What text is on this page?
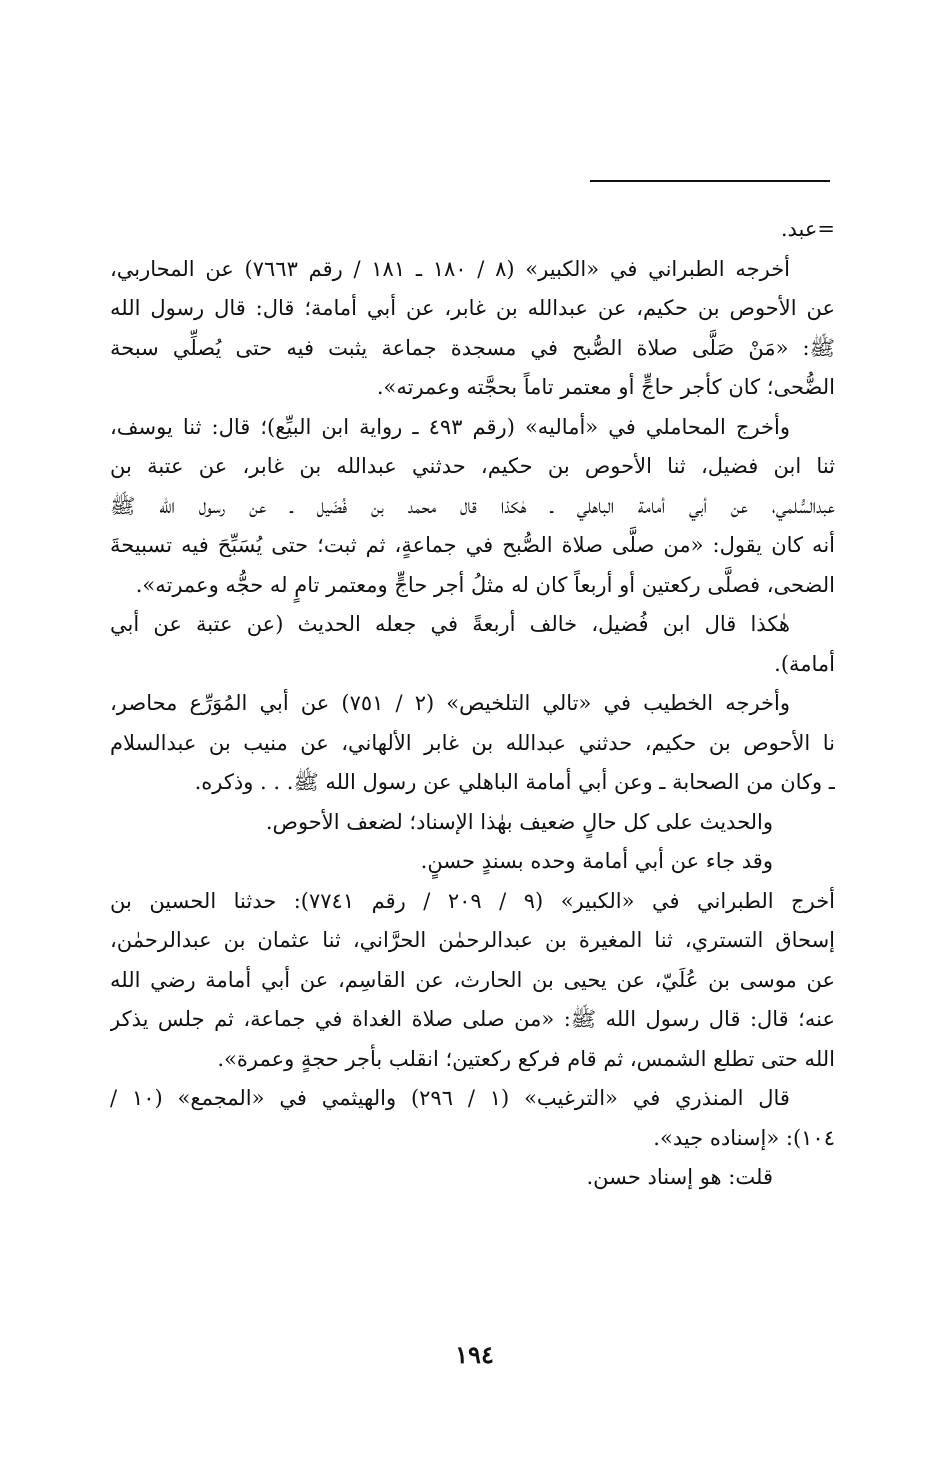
=عبد.
أخرجه الطبراني في «الكبير» (٨ / ١٨٠ ـ ١٨١ / رقم ٧٦٦٣) عن المحاربي،
عن الأحوص بن حكيم، عن عبدالله بن غابر، عن أبي أمامة؛ قال: قال رسول الله
ﷺ: «مَنْ صَلَّى صلاة الصُّبح في مسجدة جماعة يثبت فيه حتى يُصلِّي سبحة
الضُّحى؛ كان كأجر حاجٍّ أو معتمر تاماً بحجَّته وعمرته».
وأخرج المحاملي في «أماليه» (رقم ٤٩٣ ـ رواية ابن البيِّع)؛ قال: ثنا يوسف،
ثنا ابن فضيل، ثنا الأحوص بن حكيم، حدثني عبدالله بن غابر، عن عتبة بن
عبدالسُّلمي، عن أبي أمامة الباهلي ـ هٰكذا قال محمد بن فُضَيل ـ عن رسول الله ﷺ
أنه كان يقول: «من صلَّى صلاة الصُّبح في جماعةٍ، ثم ثبت؛ حتى يُسَبِّحَ فيه تسبيحةَ
الضحى، فصلَّى ركعتين أو أربعاً كان له مثلُ أجر حاجٍّ ومعتمر تامٍ له حجُّه وعمرته».
هٰكذا قال ابن فُضيل، خالف أربعةً في جعله الحديث (عن عتبة عن أبي
أمامة).
وأخرجه الخطيب في «تالي التلخيص» (٢ / ٧٥١) عن أبي المُوَرِّع محاصر،
نا الأحوص بن حكيم، حدثني عبدالله بن غابر الألهاني، عن منيب بن عبدالسلام
ـ وكان من الصحابة ـ وعن أبي أمامة الباهلي عن رسول الله ﷺ. . . وذكره.
والحديث على كل حالٍ ضعيف بهٰذا الإسناد؛ لضعف الأحوص.
وقد جاء عن أبي أمامة وحده بسندٍ حسنٍ.
أخرج الطبراني في «الكبير» (٩ / ٢٠٩ / رقم ٧٧٤١): حدثنا الحسين بن
إسحاق التستري، ثنا المغيرة بن عبدالرحمٰن الحرَّاني، ثنا عثمان بن عبدالرحمٰن،
عن موسى بن عُلَيّ، عن يحيى بن الحارث، عن القاسِم، عن أبي أمامة رضي الله
عنه؛ قال: قال رسول الله ﷺ: «من صلى صلاة الغداة في جماعة، ثم جلس يذكر
الله حتى تطلع الشمس، ثم قام فركع ركعتين؛ انقلب بأجر حجةٍ وعمرة».
قال المنذري في «الترغيب» (١ / ٢٩٦) والهيثمي في «المجمع» (١٠ /
١٠٤): «إسناده جيد».
قلت: هو إسناد حسن.
١٩٤
